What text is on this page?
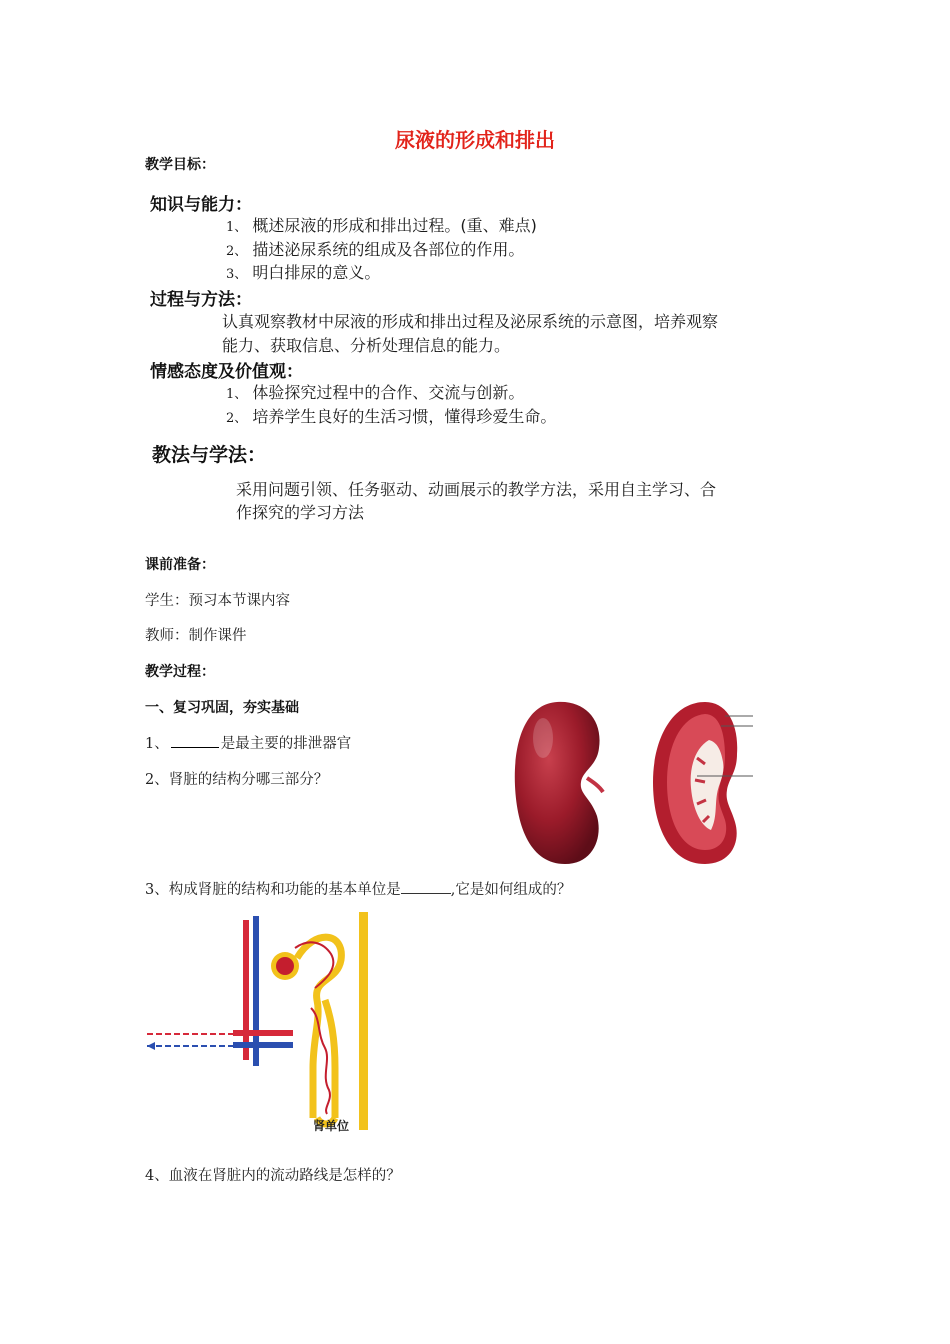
尿液的形成和排出
教学目标：
知识与能力：
1、 概述尿液的形成和排出过程。(重、难点)
2、 描述泌尿系统的组成及各部位的作用。
3、 明白排尿的意义。
过程与方法：
认真观察教材中尿液的形成和排出过程及泌尿系统的示意图，培养观察
能力、获取信息、分析处理信息的能力。
情感态度及价值观：
1、 体验探究过程中的合作、交流与创新。
2、 培养学生良好的生活习惯，懂得珍爱生命。
教法与学法：
采用问题引领、任务驱动、动画展示的教学方法，采用自主学习、合
作探究的学习方法
课前准备：
学生：预习本节课内容
教师：制作课件
教学过程：
一、复习巩固，夯实基础
1、	是最主要的排泄器官
2、肾脏的结构分哪三部分？
3、构成肾脏的结构和功能的基本单位是	,它是如何组成的？
4、血液在肾脏内的流动路线是怎样的？
肾单位
